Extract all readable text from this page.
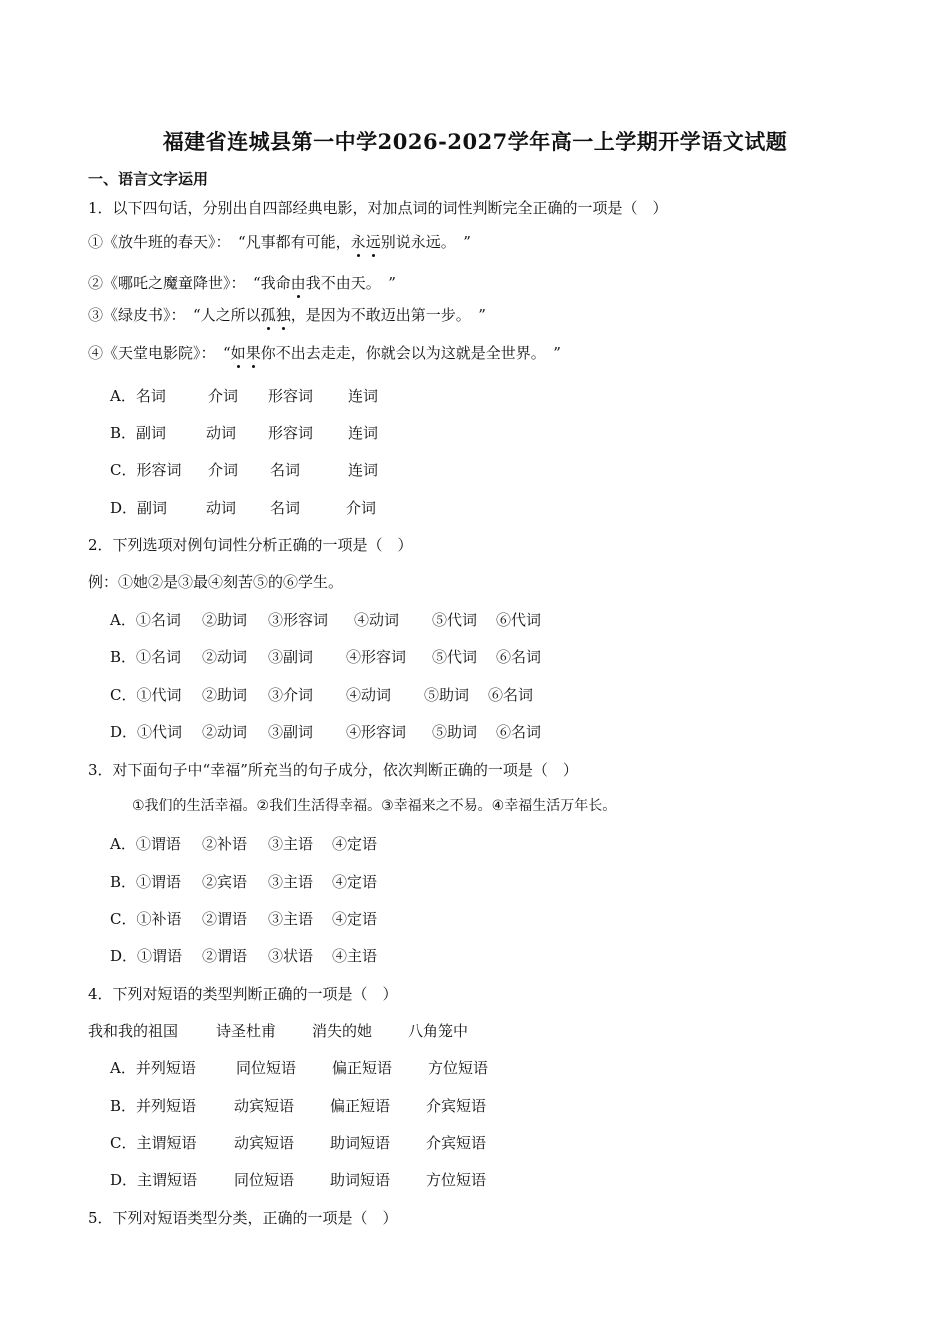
福建省连城县第一中学2026-2027学年高一上学期开学语文试题
一、语言文字运用
1．以下四句话，分别出自四部经典电影，对加点词的词性判断完全正确的一项是（　）
①《放牛班的春天》：　“凡事都有可能，永远别说永远。　”
②《哪吒之魔童降世》：　“我命由我不由天。　”
③《绿皮书》：　“人之所以孤独，是因为不敢迈出第一步。　”
④《天堂电影院》：　“如果你不出去走走，你就会以为这就是全世界。　”
A．名词	介词 形容词 连词
B．副词	动词 形容词 连词
C．形容词 介词 名词	连词
D．副词	动词 名词	介词
2．下列选项对例句词性分析正确的一项是（　）
例：①她②是③最④刻苦⑤的⑥学生。
A．①名词 ②助词 ③形容词 ④动词 ⑤代词 ⑥代词
B．①名词 ②动词 ③副词 ④形容词 ⑤代词 ⑥名词
C．①代词 ②助词 ③介词 ④动词 ⑤助词 ⑥名词
D．①代词 ②动词 ③副词 ④形容词 ⑤助词 ⑥名词
3．对下面句子中“幸福”所充当的句子成分，依次判断正确的一项是（　）
①我们的生活幸福。②我们生活得幸福。③幸福来之不易。④幸福生活万年长。
A．①谓语 ②补语 ③主语 ④定语
B．①谓语 ②宾语 ③主语 ④定语
C．①补语 ②谓语 ③主语 ④定语
D．①谓语 ②谓语 ③状语 ④主语
4．下列对短语的类型判断正确的一项是（　）
我和我的祖国	诗圣杜甫 消失的她 八角笼中
A．并列短语	同位短语 偏正短语 方位短语
B．并列短语	动宾短语 偏正短语 介宾短语
C．主谓短语	动宾短语 助词短语 介宾短语
D．主谓短语 同位短语 助词短语 方位短语
5．下列对短语类型分类，正确的一项是（　）
